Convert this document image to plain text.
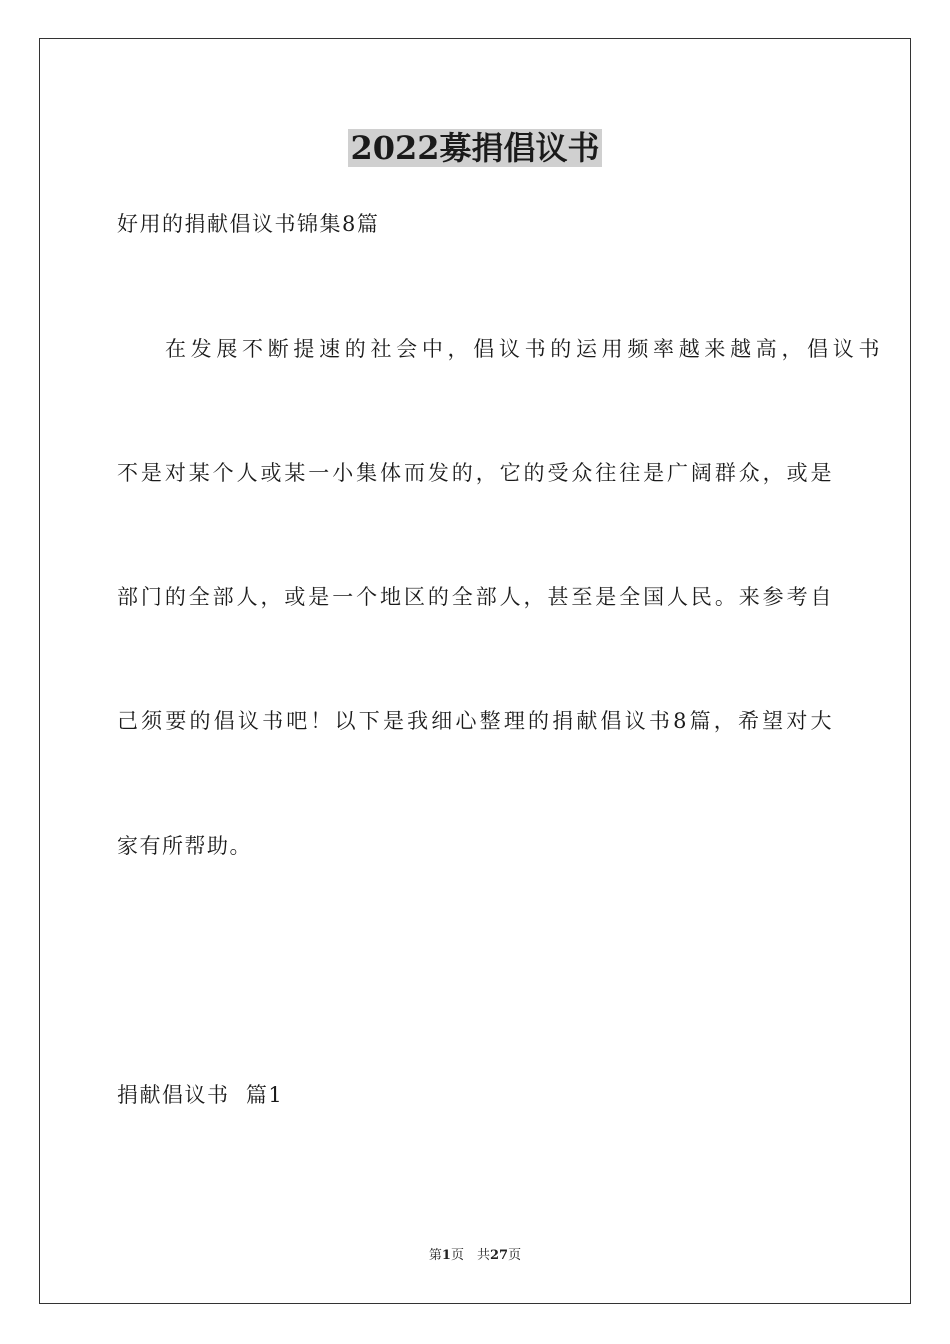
2022募捐倡议书
好用的捐献倡议书锦集8篇
在发展不断提速的社会中，倡议书的运用频率越来越高，倡议书
不是对某个人或某一小集体而发的，它的受众往往是广阔群众，或是
部门的全部人，或是一个地区的全部人，甚至是全国人民。来参考自
己须要的倡议书吧！以下是我细心整理的捐献倡议书8篇，希望对大
家有所帮助。
捐献倡议书  篇1
第1页　共27页
